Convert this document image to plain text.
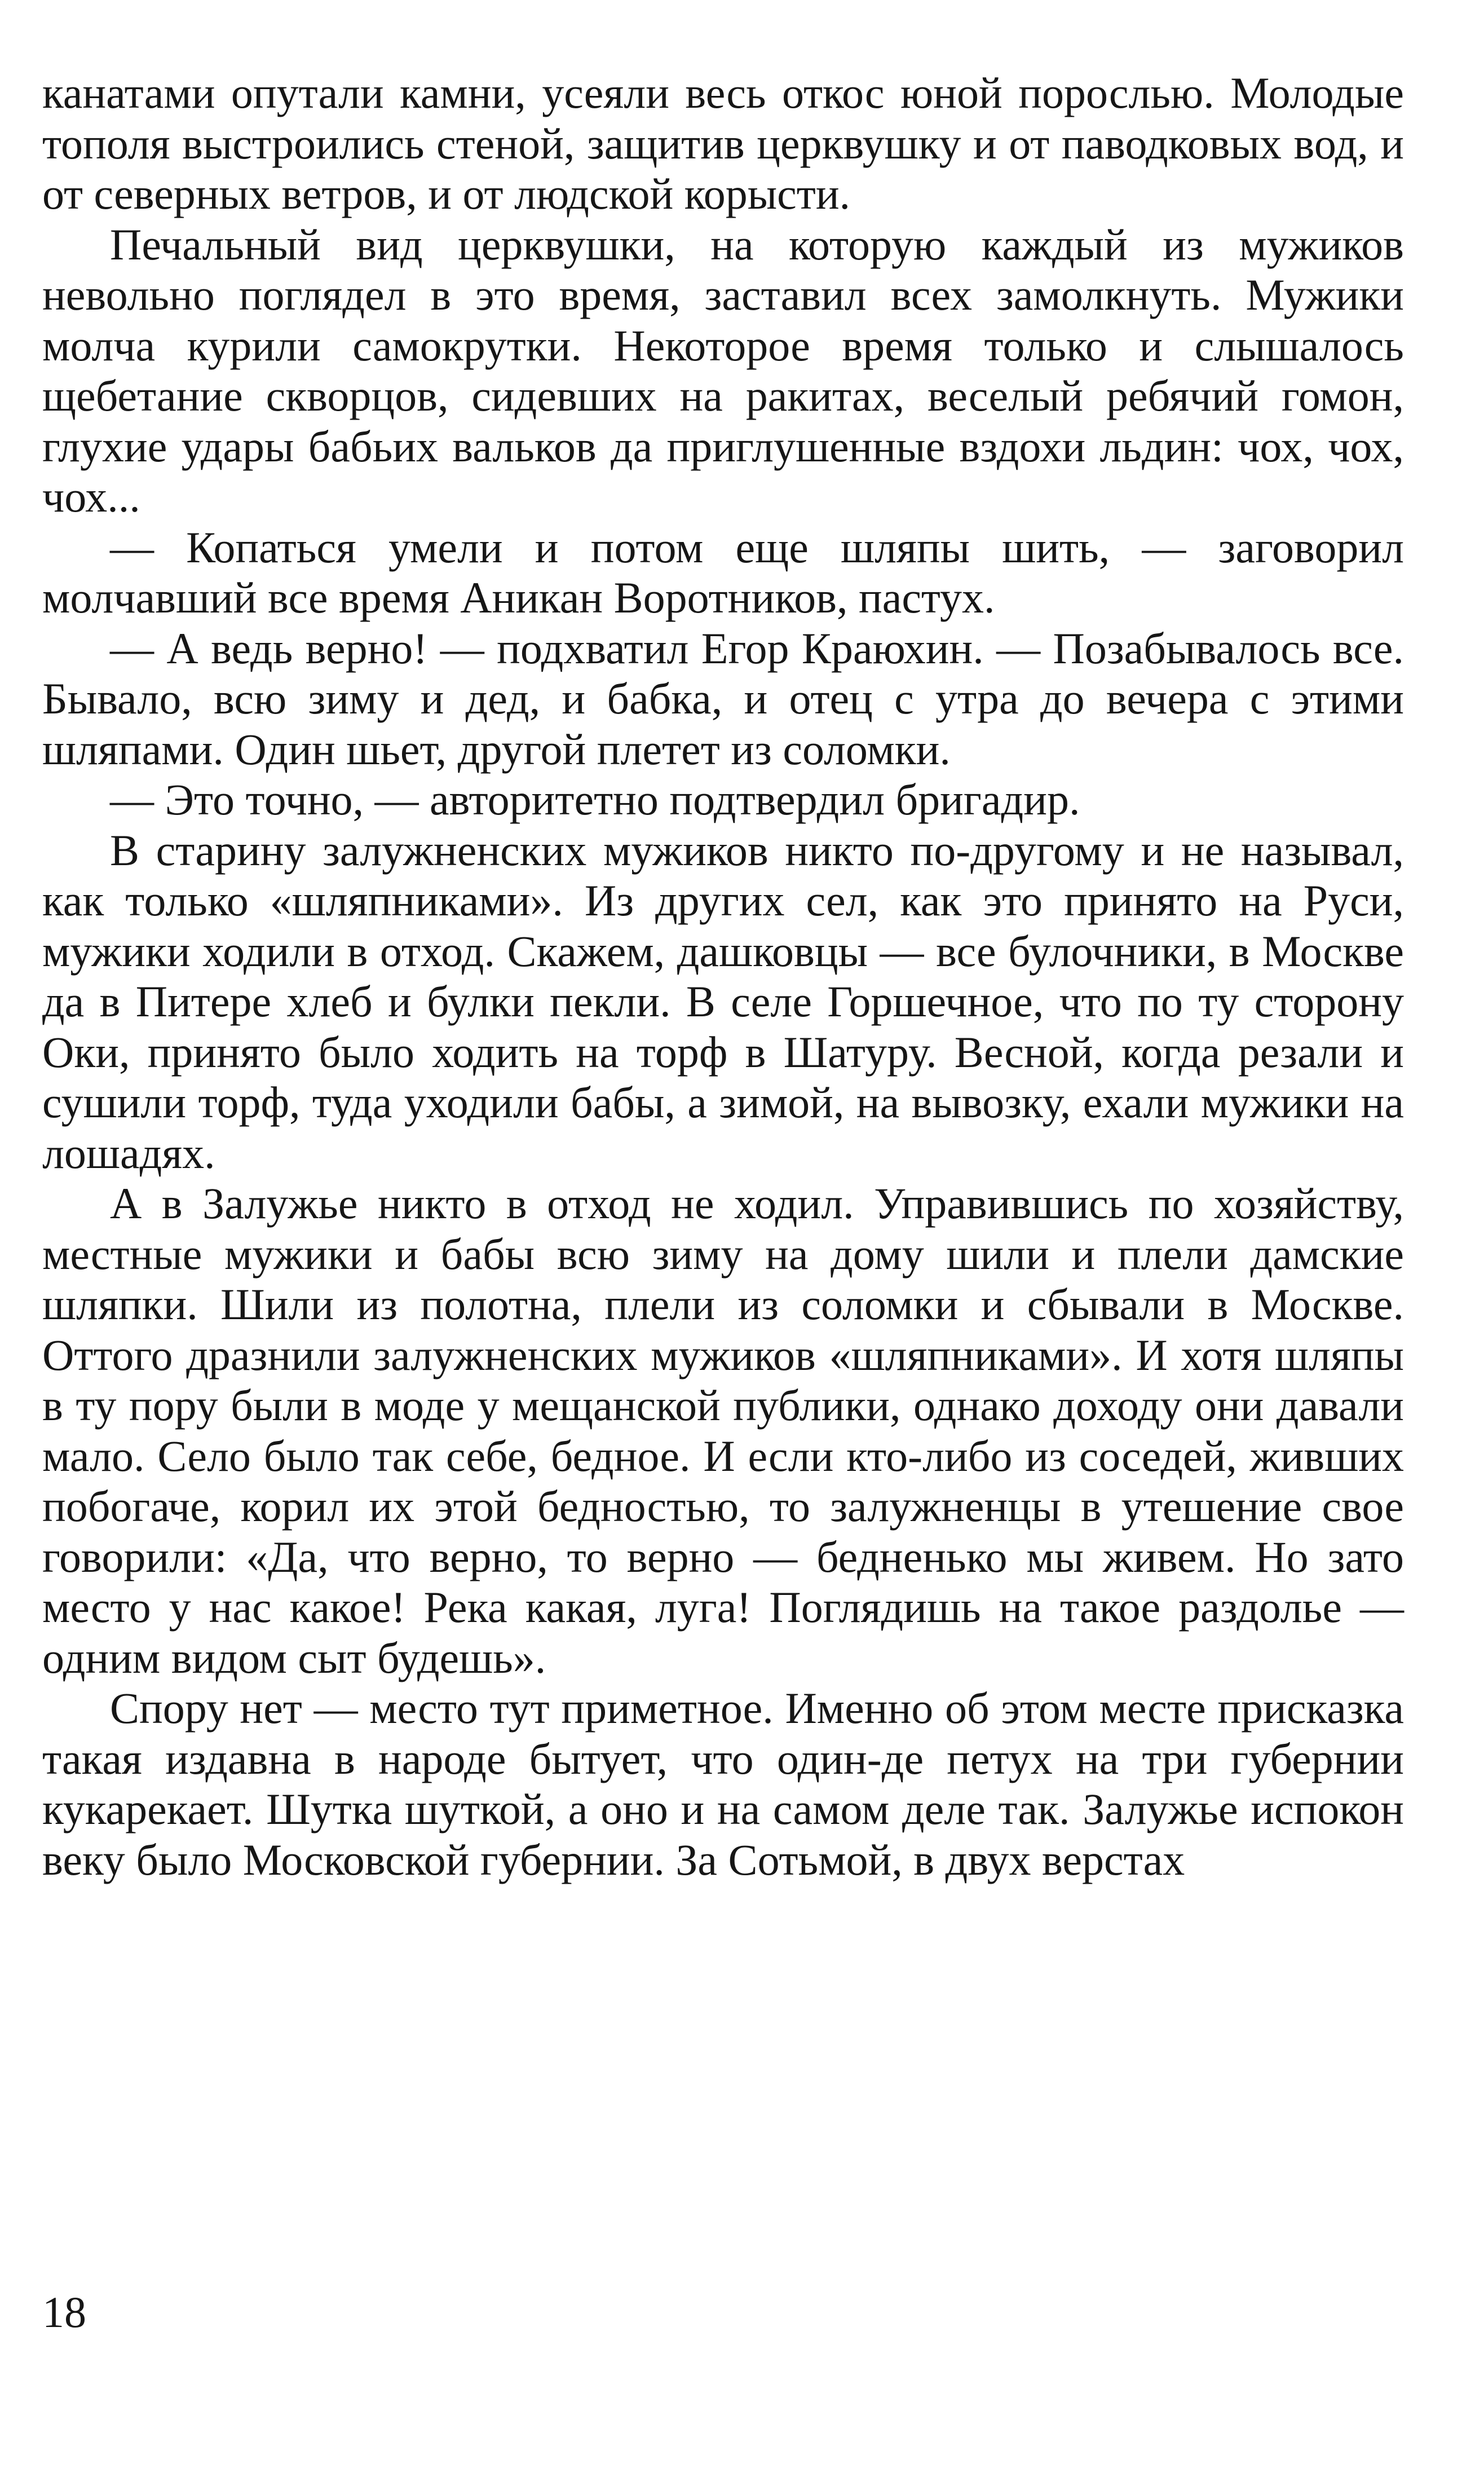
канатами опутали камни, усеяли весь откос юной порослью. Молодые тополя выстроились стеной, защитив церквушку и от паводковых вод, и от северных ветров, и от людской корысти.

Печальный вид церквушки, на которую каждый из мужиков невольно поглядел в это время, заставил всех замолкнуть. Мужики молча курили самокрутки. Некоторое время только и слышалось щебетание скворцов, сидевших на ракитах, веселый ребячий гомон, глухие удары бабьих вальков да приглушенные вздохи льдин: чох, чох, чох...

— Копаться умели и потом еще шляпы шить, — заговорил молчавший все время Аникан Воротников, пастух.

— А ведь верно! — подхватил Егор Краюхин. — Позабывалось все. Бывало, всю зиму и дед, и бабка, и отец с утра до вечера с этими шляпами. Один шьет, другой плетет из соломки.

— Это точно, — авторитетно подтвердил бригадир.

В старину залужненских мужиков никто по-другому и не называл, как только «шляпниками». Из других сел, как это принято на Руси, мужики ходили в отход. Скажем, дашковцы — все булочники, в Москве да в Питере хлеб и булки пекли. В селе Горшечное, что по ту сторону Оки, принято было ходить на торф в Шатуру. Весной, когда резали и сушили торф, туда уходили бабы, а зимой, на вывозку, ехали мужики на лошадях.

А в Залужье никто в отход не ходил. Управившись по хозяйству, местные мужики и бабы всю зиму на дому шили и плели дамские шляпки. Шили из полотна, плели из соломки и сбывали в Москве. Оттого дразнили залужненских мужиков «шляпниками». И хотя шляпы в ту пору были в моде у мещанской публики, однако доходу они давали мало. Село было так себе, бедное. И если кто-либо из соседей, живших побогаче, корил их этой бедностью, то залужненцы в утешение свое говорили: «Да, что верно, то верно — бедненько мы живем. Но зато место у нас какое! Река какая, луга! Поглядишь на такое раздолье — одним видом сыт будешь».

Спору нет — место тут приметное. Именно об этом месте присказка такая издавна в народе бытует, что один-де петух на три губернии кукарекает. Шутка шуткой, а оно и на самом деле так. Залужье испокон веку было Московской губернии. За Сотьмой, в двух верстах

18
